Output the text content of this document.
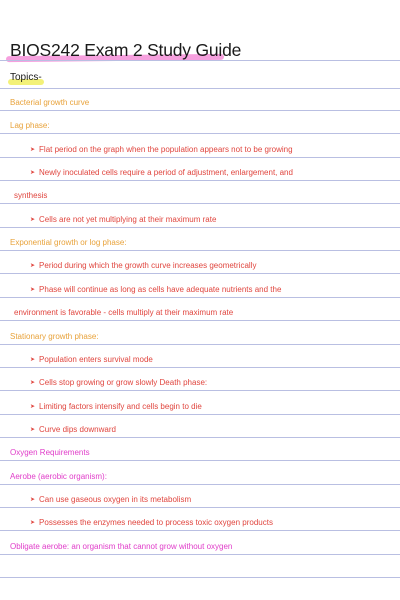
BIOS242 Exam 2 Study Guide
Topics-
Bacterial growth curve
Lag phase:
➤ Flat period on the graph when the population appears not to be growing
➤ Newly inoculated cells require a period of adjustment, enlargement, and
synthesis
➤ Cells are not yet multiplying at their maximum rate
Exponential growth or log phase:
➤ Period during which the growth curve increases geometrically
➤ Phase will continue as long as cells have adequate nutrients and the
environment is favorable - cells multiply at their maximum rate
Stationary growth phase:
➤ Population enters survival mode
➤ Cells stop growing or grow slowly Death phase:
➤ Limiting factors intensify and cells begin to die
➤ Curve dips downward
Oxygen Requirements
Aerobe (aerobic organism):
➤ Can use gaseous oxygen in its metabolism
➤ Possesses the enzymes needed to process toxic oxygen products
Obligate aerobe: an organism that cannot grow without oxygen
